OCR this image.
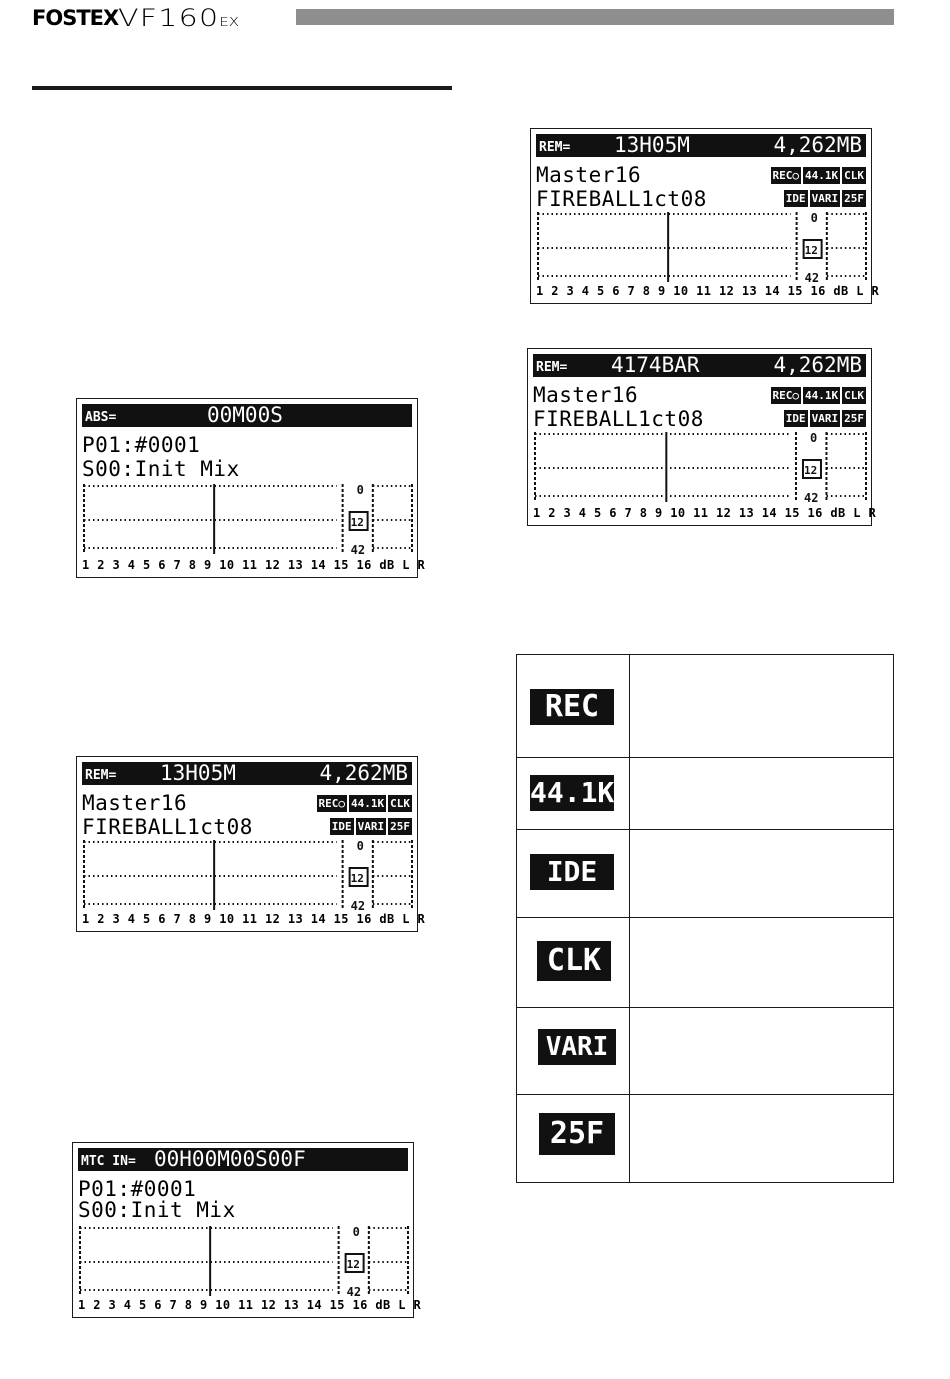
FOSTEX VF160EX
ABS=	00M00S
P01:#0001
S00:Init Mix
0
12
42
1 2 3 4 5 6 7 8 9 10 11 12 13 14 15 16 dB L R
REM= 13H05M	4,262MB
Master16	REC○ 44.1K CLK
FIREBALL1ct08	IDE VARI 25F
0
12
42
1 2 3 4 5 6 7 8 9 10 11 12 13 14 15 16 dB L R
MTC IN= 00H00M00S00F
P01:#0001
S00:Init Mix
0
12
42
1 2 3 4 5 6 7 8 9 10 11 12 13 14 15 16 dB L R
REM= 13H05M	4,262MB
Master16	REC○ 44.1K CLK
FIREBALL1ct08	IDE VARI 25F
0
12
42
1 2 3 4 5 6 7 8 9 10 11 12 13 14 15 16 dB L R
REM= 4174BAR	4,262MB
Master16	REC○ 44.1K CLK
FIREBALL1ct08	IDE VARI 25F
0
12
42
1 2 3 4 5 6 7 8 9 10 11 12 13 14 15 16 dB L R
REC
44.1K
IDE
CLK
VARI
25F
